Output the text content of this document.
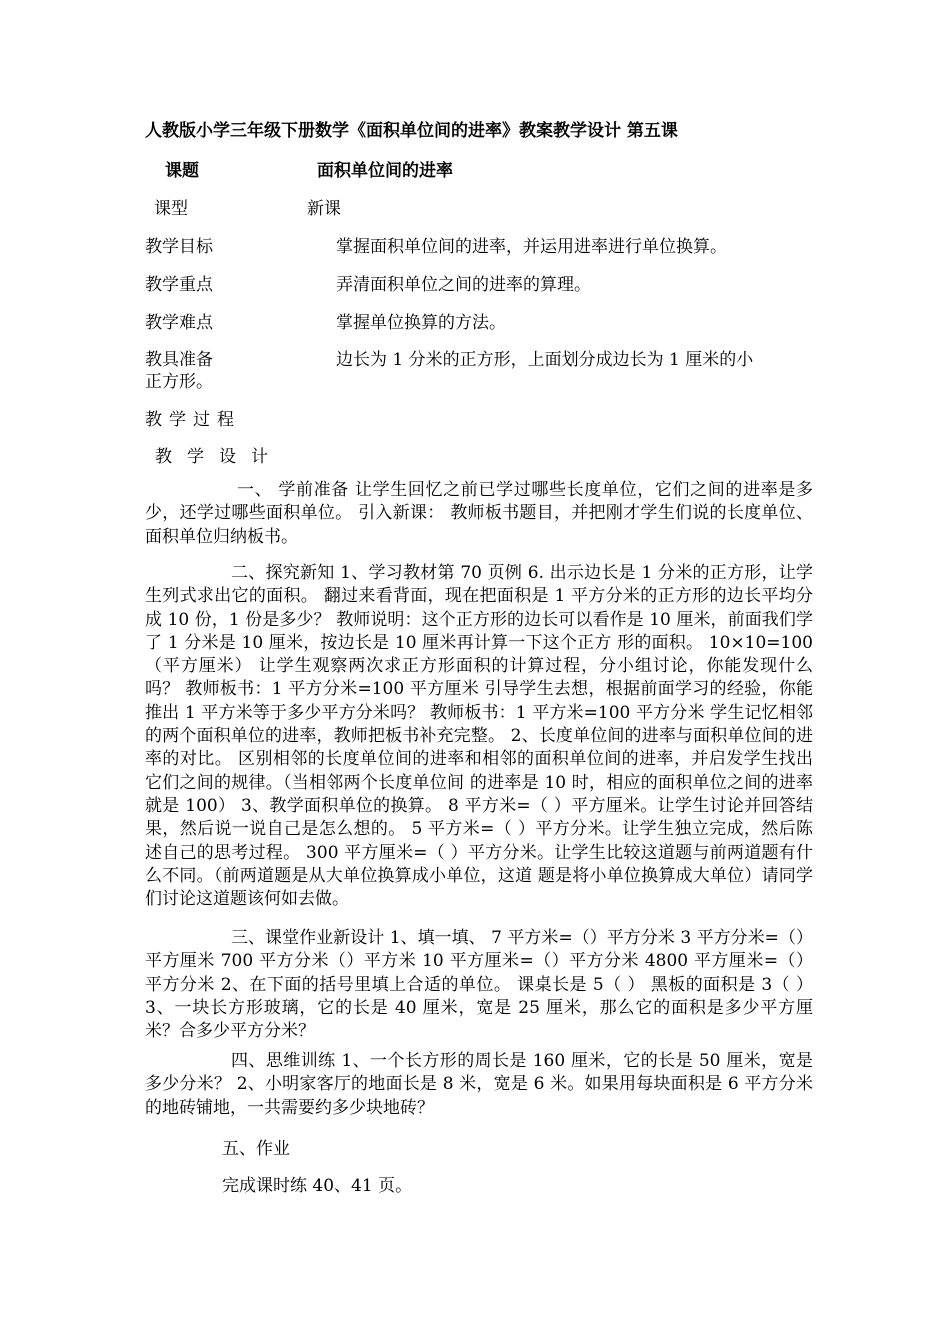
人教版小学三年级下册数学《面积单位间的进率》教案教学设计 第五课
课题	面积单位间的进率
课型	新课
教学目标	掌握面积单位间的进率，并运用进率进行单位换算。
教学重点	弄清面积单位之间的进率的算理。
教学难点	掌握单位换算的方法。
教具准备	边长为 1 分米的正方形，上面划分成边长为 1 厘米的小
正方形。
教学过程
教学设计
一、 学前准备 让学生回忆之前已学过哪些长度单位，它们之间的进率是多少，还学过哪些面积单位。 引入新课： 教师板书题目，并把刚才学生们说的长度单位、面积单位归纳板书。
二、探究新知 1、学习教材第 70 页例 6. 出示边长是 1 分米的正方形，让学生列式求出它的面积。 翻过来看背面，现在把面积是 1 平方分米的正方形的边长平均分成 10 份，1 份是多少？ 教师说明：这个正方形的边长可以看作是 10 厘米，前面我们学了 1 分米是 10 厘米，按边长是 10 厘米再计算一下这个正方 形的面积。 10×10=100（平方厘米） 让学生观察两次求正方形面积的计算过程，分小组讨论，你能发现什么吗？ 教师板书：1 平方分米=100 平方厘米 引导学生去想，根据前面学习的经验，你能推出 1 平方米等于多少平方分米吗？ 教师板书：1 平方米=100 平方分米 学生记忆相邻的两个面积单位的进率，教师把板书补充完整。 2、长度单位间的进率与面积单位间的进率的对比。 区别相邻的长度单位间的进率和相邻的面积单位间的进率，并启发学生找出它们之间的规律。（当相邻两个长度单位间 的进率是 10 时，相应的面积单位之间的进率就是 100） 3、教学面积单位的换算。 8 平方米=（ ）平方厘米。让学生讨论并回答结果，然后说一说自己是怎么想的。 5 平方米=（ ）平方分米。让学生独立完成，然后陈述自己的思考过程。 300 平方厘米=（ ）平方分米。让学生比较这道题与前两道题有什么不同。（前两道题是从大单位换算成小单位，这道 题是将小单位换算成大单位）请同学们讨论这道题该何如去做。
三、课堂作业新设计 1、填一填、 7 平方米=（）平方分米 3 平方分米=（）平方厘米 700 平方分米（）平方米 10 平方厘米=（）平方分米 4800 平方厘米=（）平方分米 2、在下面的括号里填上合适的单位。 课桌长是 5（ ） 黑板的面积是 3（ ） 3、一块长方形玻璃，它的长是 40 厘米，宽是 25 厘米，那么它的面积是多少平方厘米？合多少平方分米？
四、思维训练 1、一个长方形的周长是 160 厘米，它的长是 50 厘米，宽是多少分米？ 2、小明家客厅的地面长是 8 米，宽是 6 米。如果用每块面积是 6 平方分米的地砖铺地，一共需要约多少块地砖？
五、作业
完成课时练 40、41 页。
